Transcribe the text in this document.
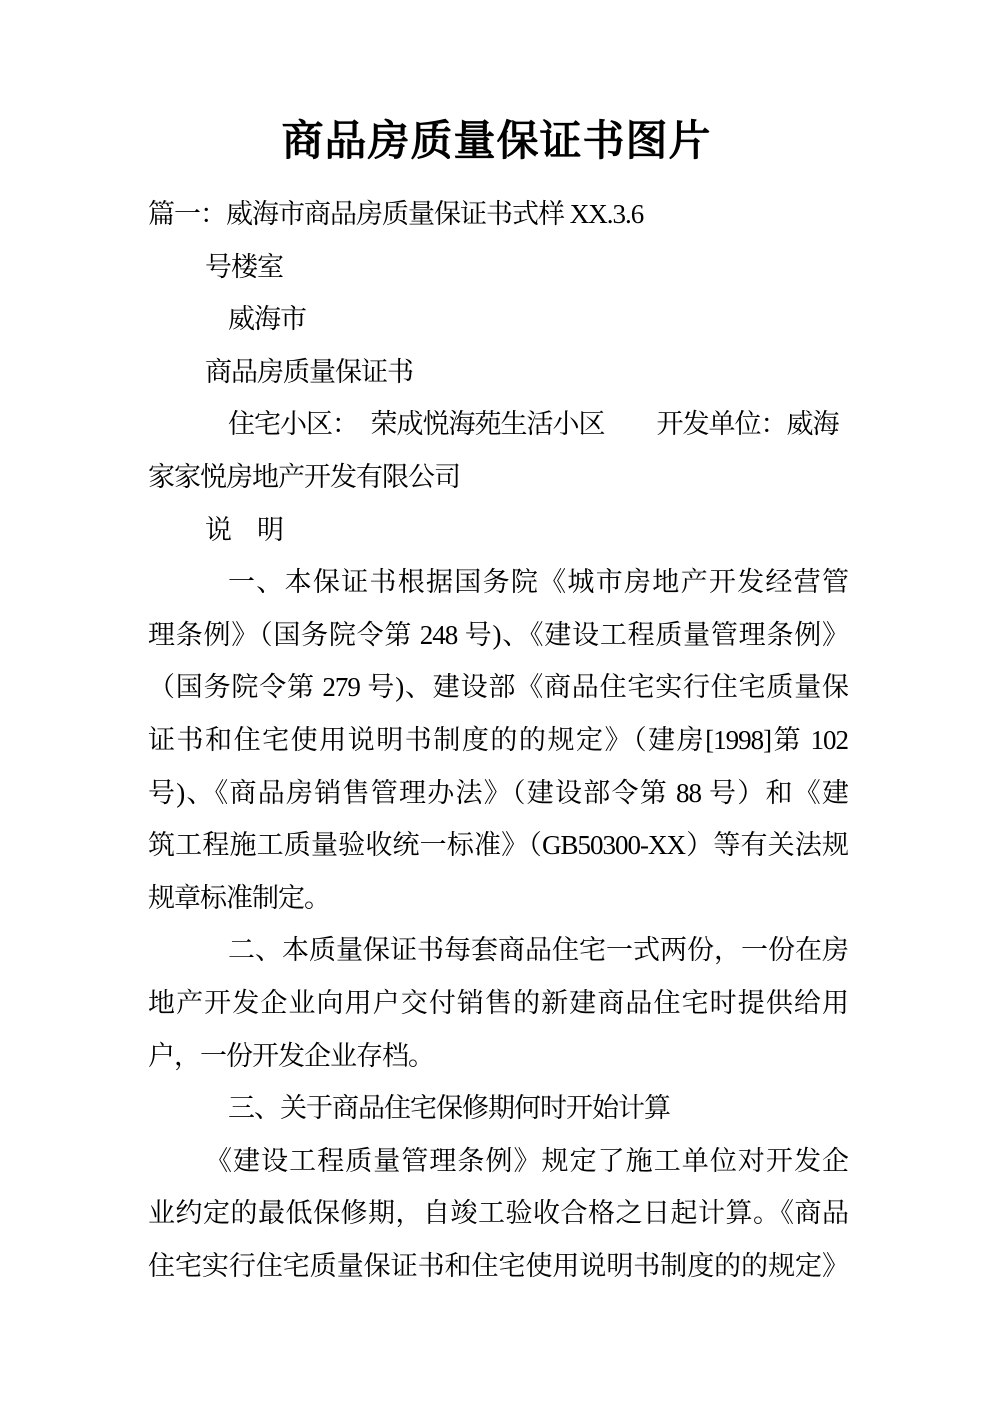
商品房质量保证书图片
篇一：威海市商品房质量保证书式样 XX.3.6
号楼室
威海市
商品房质量保证书
住宅小区：　荣成悦海苑生活小区　　开发单位：威海
家家悦房地产开发有限公司
说　明
一、本保证书根据国务院《城市房地产开发经营管
理条例》（国务院令第 248 号)、《建设工程质量管理条例》
（国务院令第 279 号)、建设部《商品住宅实行住宅质量保
证书和住宅使用说明书制度的的规定》（建房[1998]第 102
号)、《商品房销售管理办法》（建设部令第 88 号）和《建
筑工程施工质量验收统一标准》（GB50300-XX）等有关法规
规章标准制定。
二、本质量保证书每套商品住宅一式两份，一份在房
地产开发企业向用户交付销售的新建商品住宅时提供给用
户，一份开发企业存档。
三、关于商品住宅保修期何时开始计算
《建设工程质量管理条例》规定了施工单位对开发企
业约定的最低保修期，自竣工验收合格之日起计算。《商品
住宅实行住宅质量保证书和住宅使用说明书制度的的规定》
